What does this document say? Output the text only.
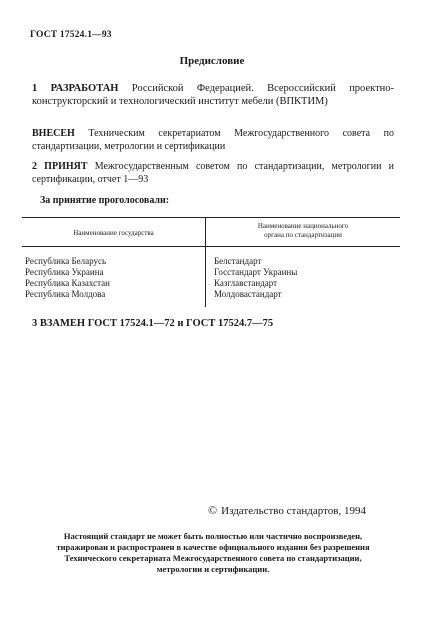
ГОСТ 17524.1—93
Предисловие

1 РАЗРАБОТАН Российской Федерацией. Всероссийский проектно-конструкторский и технологический институт мебели (ВПКТИМ)

ВНЕСЕН Техническим секретариатом Межгосударственного совета по стандартизации, метрологии и сертификации

2 ПРИНЯТ Межгосударственным советом по стандартизации, метрологии и сертификации, отчет 1—93

За принятие проголосовали:
Наименование государства
Наименование национального
органа по стандартизации
Республика Беларусь
Республика Украина
Республика Казахстан
Республика Молдова
Белстандарт
Госстандарт Украины
Казглавстандарт
Молдовастандарт
3 ВЗАМЕН ГОСТ 17524.1—72 и ГОСТ 17524.7—75
© Издательство стандартов, 1994
Настоящий стандарт не может быть полностью или частично воспроизведен,
тиражирован и распространен в качестве официального издания без разрешения
Технического секретариата Межгосударственного совета по стандартизации,
метрологии и сертификации.
